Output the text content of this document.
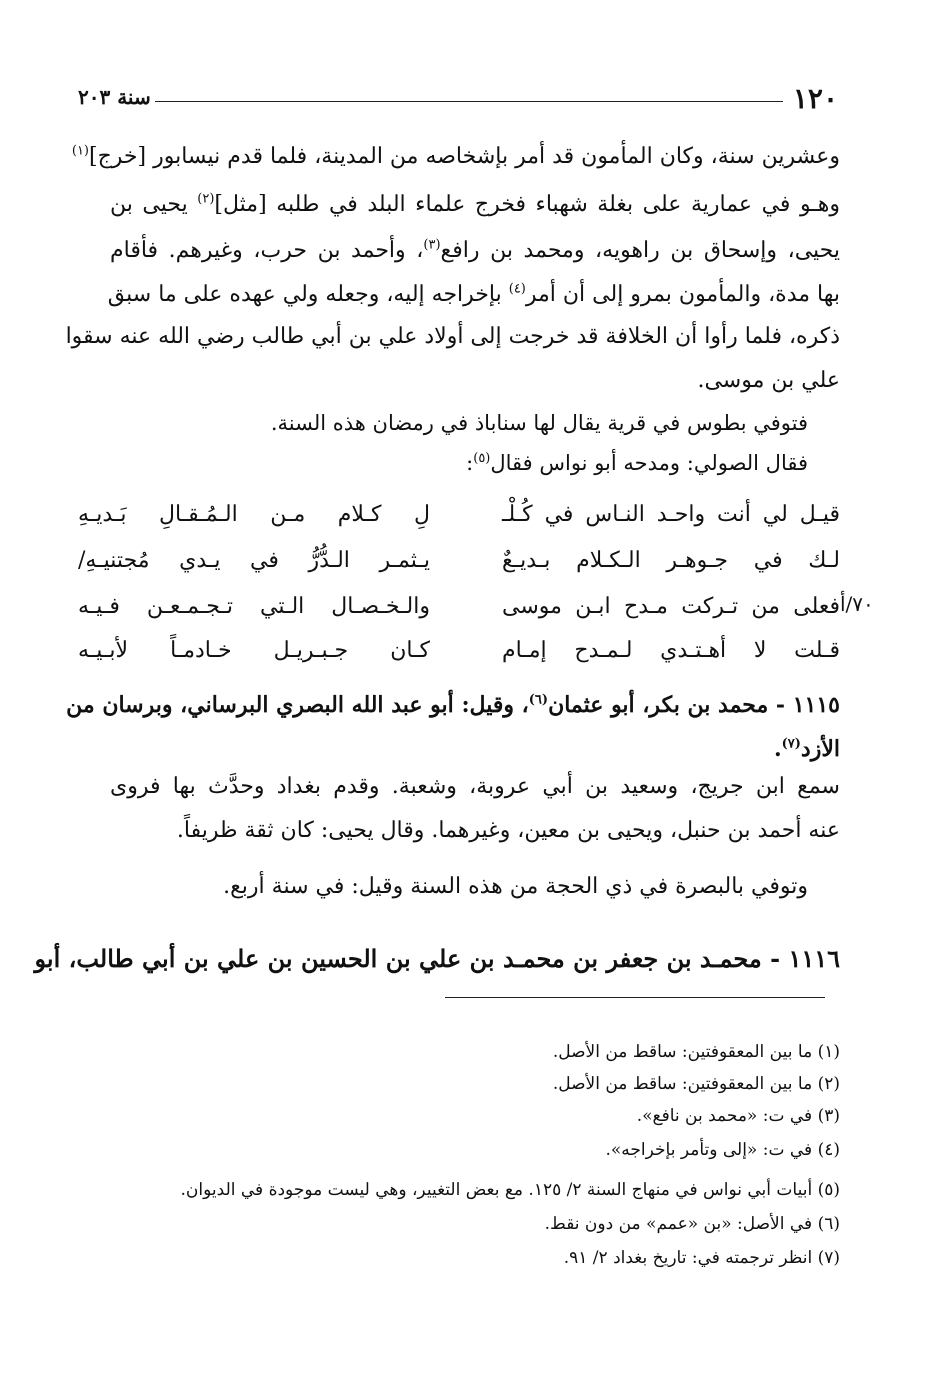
١٢٠
سنة ٢٠٣
وعشرين سنة، وكان المأمون قد أمر بإشخاصه من المدينة، فلما قدم نيسابور [خرج]$^{(١)}$
وهـو في عمارية على بغلة شهباء فخرج علماء البلد في طلبه [مثل]$^{(٢)}$ يحيى بن
يحيى، وإسحاق بن راهويه، ومحمد بن رافع$^{(٣)}$، وأحمد بن حرب، وغيرهم. فأقام
بها مدة، والمأمون بمرو إلى أن أمر$^{(٤)}$ بإخراجه إليه، وجعله ولي عهده على ما سبق
ذكره، فلما رأوا أن الخلافة قد خرجت إلى أولاد علي بن أبي طالب رضي الله عنه سقوا
علي بن موسى.
فتوفي بطوس في قرية يقال لها سناباذ في رمضان هذه السنة.
فقال الصولي: ومدحه أبو نواس فقال$^{(٥)}$:
قيـل لي أنت واحـد النـاس في كُـلْـ
لِ كـلام مـن الـمُـقـالِ بَـديـهِ
لـك في جـوهـر الـكـلام بـديـعٌ
يـثمـر الـدُّرُّ في يـدي مُجتنيـهِ/
فعلى من تـركت مـدح ابـن موسى
والـخـصـال الـتي تـجـمـعـن فـيـه
قـلت لا أهـتـدي لـمـدح إمـام
كـان جـبـريـل خـادمـاً لأبـيـه
٧٠/أ
١١١٥ - محمد بن بكر، أبو عثمان$^{(٦)}$، وقيل: أبو عبد الله البصري البرساني، وبرسان من
الأزد$^{(٧)}$.
سمع ابن جريج، وسعيد بن أبي عروبة، وشعبة. وقدم بغداد وحدَّث بها فروى
عنه أحمد بن حنبل، ويحيى بن معين، وغيرهما. وقال يحيى: كان ثقة ظريفاً.
وتوفي بالبصرة في ذي الحجة من هذه السنة وقيل: في سنة أربع.
١١١٦ - محمـد بن جعفر بن محمـد بن علي بن الحسين بن علي بن أبي طالب، أبو
(١) ما بين المعقوفتين: ساقط من الأصل.
(٢) ما بين المعقوفتين: ساقط من الأصل.
(٣) في ت: «محمد بن نافع».
(٤) في ت: «إلى وتأمر بإخراجه».
(٥) أبيات أبي نواس في منهاج السنة ٢/ ١٢٥. مع بعض التغيير، وهي ليست موجودة في الديوان.
(٦) في الأصل: «بن «عمم» من دون نقط.
(٧) انظر ترجمته في: تاريخ بغداد ٢/ ٩١.
